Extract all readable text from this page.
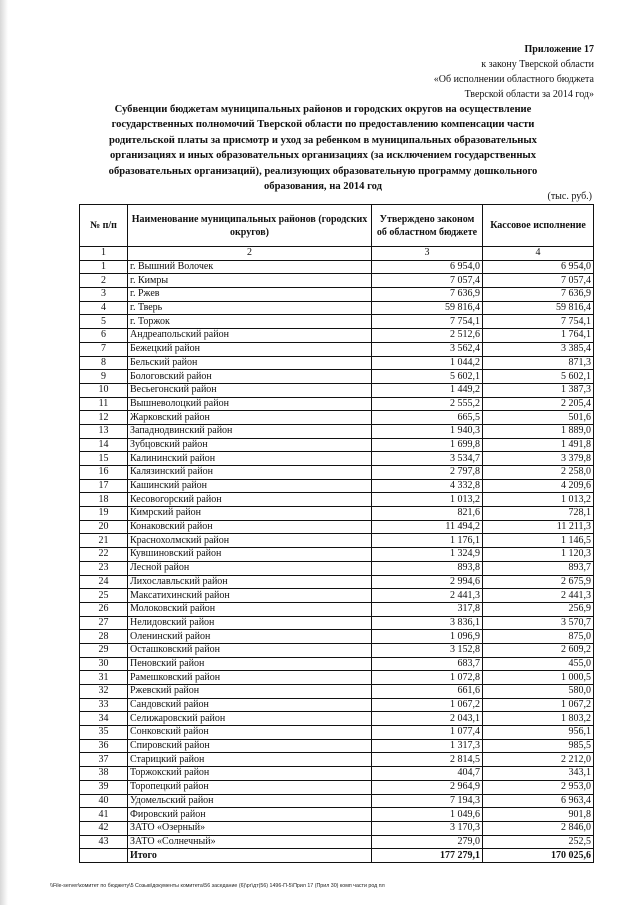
Приложение 17
к закону Тверской области
«Об исполнении областного бюджета
Тверской области за 2014 год»
Субвенции бюджетам муниципальных районов и городских округов на осуществление
государственных полномочий Тверской области по предоставлению компенсации части
родительской платы за присмотр и уход за ребенком в муниципальных образовательных
организациях и иных образовательных организациях (за исключением государственных
образовательных организаций), реализующих образовательную программу дошкольного
образования, на 2014 год
(тыс. руб.)
№ п/п	Наименование муниципальных районов (городских округов)	Утверждено законом об областном бюджете	Кассовое исполнение
1	2	3	4
1	г. Вышний Волочек	6 954,0	6 954,0
2	г. Кимры	7 057,4	7 057,4
3	г. Ржев	7 636,9	7 636,9
4	г. Тверь	59 816,4	59 816,4
5	г. Торжок	7 754,1	7 754,1
6	Андреапольский район	2 512,6	1 764,1
7	Бежецкий район	3 562,4	3 385,4
8	Бельский район	1 044,2	871,3
9	Бологовский район	5 602,1	5 602,1
10	Весьегонский район	1 449,2	1 387,3
11	Вышневолоцкий район	2 555,2	2 205,4
12	Жарковский район	665,5	501,6
13	Западнодвинский район	1 940,3	1 889,0
14	Зубцовский район	1 699,8	1 491,8
15	Калининский район	3 534,7	3 379,8
16	Калязинский район	2 797,8	2 258,0
17	Кашинский район	4 332,8	4 209,6
18	Кесовогорский район	1 013,2	1 013,2
19	Кимрский район	821,6	728,1
20	Конаковский район	11 494,2	11 211,3
21	Краснохолмский район	1 176,1	1 146,5
22	Кувшиновский район	1 324,9	1 120,3
23	Лесной район	893,8	893,7
24	Лихославльский район	2 994,6	2 675,9
25	Максатихинский район	2 441,3	2 441,3
26	Молоковский район	317,8	256,9
27	Нелидовский район	3 836,1	3 570,7
28	Оленинский район	1 096,9	875,0
29	Осташковский район	3 152,8	2 609,2
30	Пеновский район	683,7	455,0
31	Рамешковский район	1 072,8	1 000,5
32	Ржевский район	661,6	580,0
33	Сандовский район	1 067,2	1 067,2
34	Селижаровский район	2 043,1	1 803,2
35	Сонковский район	1 077,4	956,1
36	Спировский район	1 317,3	985,5
37	Старицкий район	2 814,5	2 212,0
38	Торжокский район	404,7	343,1
39	Торопецкий район	2 964,9	2 953,0
40	Удомельский район	7 194,3	6 963,4
41	Фировский район	1 049,6	901,8
42	ЗАТО «Озерный»	3 170,3	2 846,0
43	ЗАТО «Солнечный»	279,0	252,5
	Итого	177 279,1	170 025,6
\\File-server\комитет по бюджету\5 Созыв\документы комитета\56 заседание (6)\рг\дт(56) 1496-П-5\Прил 17 (Прил 30) комп части род пл
